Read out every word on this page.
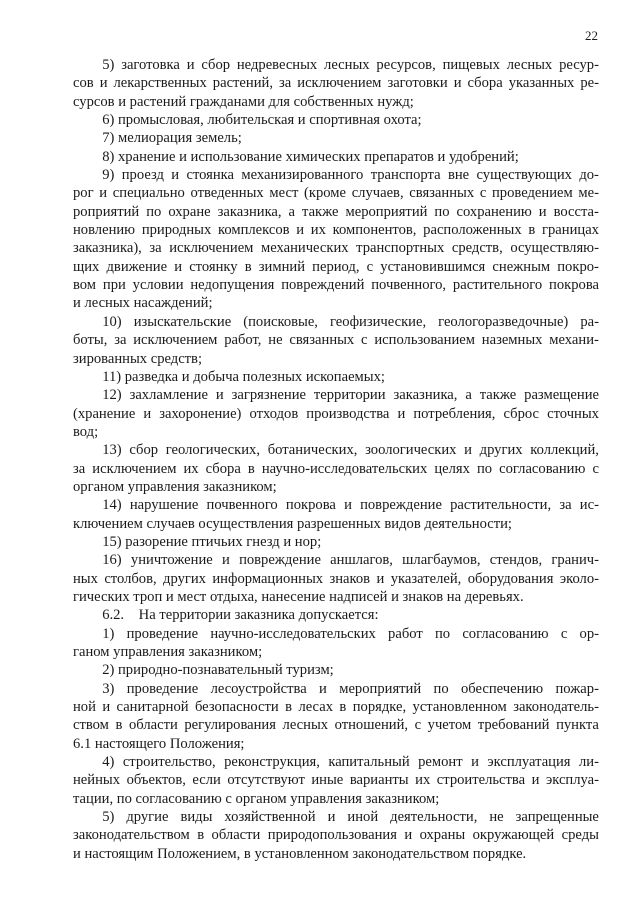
22
5) заготовка и сбор недревесных лесных ресурсов, пищевых лесных ресур-
сов и лекарственных растений, за исключением заготовки и сбора указанных ре-
сурсов и растений гражданами для собственных нужд;
6) промысловая, любительская и спортивная охота;
7) мелиорация земель;
8) хранение и использование химических препаратов и удобрений;
9) проезд и стоянка механизированного транспорта вне существующих до-
рог и специально отведенных мест (кроме случаев, связанных с проведением ме-
роприятий по охране заказника, а также мероприятий по сохранению и восста-
новлению природных комплексов и их компонентов, расположенных в границах
заказника), за исключением механических транспортных средств, осуществляю-
щих движение и стоянку в зимний период, с установившимся снежным покро-
вом при условии недопущения повреждений почвенного, растительного покрова
и лесных насаждений;
10) изыскательские (поисковые, геофизические, геологоразведочные) ра-
боты, за исключением работ, не связанных с использованием наземных механи-
зированных средств;
11) разведка и добыча полезных ископаемых;
12) захламление и загрязнение территории заказника, а также размещение
(хранение и захоронение) отходов производства и потребления, сброс сточных
вод;
13) сбор геологических, ботанических, зоологических и других коллекций,
за исключением их сбора в научно-исследовательских целях по согласованию с
органом управления заказником;
14) нарушение почвенного покрова и повреждение растительности, за ис-
ключением случаев осуществления разрешенных видов деятельности;
15) разорение птичьих гнезд и нор;
16) уничтожение и повреждение аншлагов, шлагбаумов, стендов, гранич-
ных столбов, других информационных знаков и указателей, оборудования эколо-
гических троп и мест отдыха, нанесение надписей и знаков на деревьях.
6.2.    На территории заказника допускается:
1) проведение научно-исследовательских работ по согласованию с ор-
ганом управления заказником;
2) природно-познавательный туризм;
3) проведение лесоустройства и мероприятий по обеспечению пожар-
ной и санитарной безопасности в лесах в порядке, установленном законодатель-
ством в области регулирования лесных отношений, с учетом требований пункта
6.1 настоящего Положения;
4) строительство, реконструкция, капитальный ремонт и эксплуатация ли-
нейных объектов, если отсутствуют иные варианты их строительства и эксплуа-
тации, по согласованию с органом управления заказником;
5) другие виды хозяйственной и иной деятельности, не запрещенные
законодательством в области природопользования и охраны окружающей среды
и настоящим Положением, в установленном законодательством порядке.
